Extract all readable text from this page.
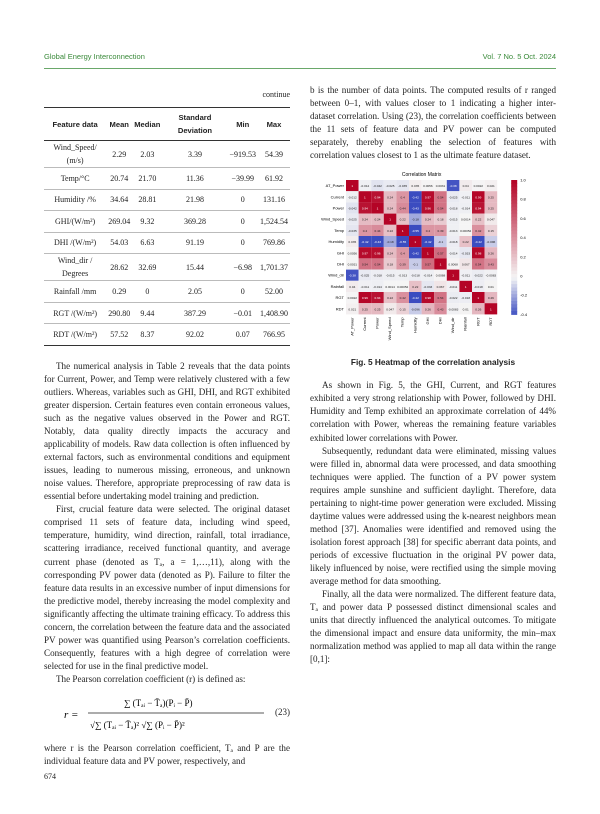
Global Energy Interconnection	Vol. 7 No. 5 Oct. 2024
continue
Feature data	Mean	Median	Standard Deviation	Min	Max
Wind_Speed/ (m/s)	2.29	2.03	3.39	−919.53	54.39
Temp/°C	20.74	21.70	11.36	−39.99	61.92
Humidity /%	34.64	28.81	21.98	0	131.16
GHI/(W/m²)	269.04	9.32	369.28	0	1,524.54
DHI /(W/m²)	54.03	6.63	91.19	0	769.86
Wind_dir / Degrees	28.62	32.69	15.44	−6.98	1,701.37
Rainfall /mm	0.29	0	2.05	0	52.00
RGT /(W/m²)	290.80	9.44	387.29	−0.01	1,408.90
RDT /(W/m²)	57.52	8.37	92.02	0.07	766.95

The numerical analysis in Table 2 reveals that the data points for Current, Power, and Temp were relatively clustered with a few outliers. Whereas, variables such as GHI, DHI, and RGT exhibited greater dispersion. Certain features even contain erroneous values, such as the negative values observed in the Power and RGT. Notably, data quality directly impacts the accuracy and applicability of models. Raw data collection is often influenced by external factors, such as environmental conditions and equipment issues, leading to numerous missing, erroneous, and unknown noise values. Therefore, appropriate preprocessing of raw data is essential before undertaking model training and prediction.

First, crucial feature data were selected. The original dataset comprised 11 sets of feature data, including wind speed, temperature, humidity, wind direction, rainfall, total irradiance, scattering irradiance, received functional quantity, and average current phase (denoted as Tₐ, a = 1,…,11), along with the corresponding PV power data (denoted as P). Failure to filter the feature data results in an excessive number of input dimensions for the predictive model, thereby increasing the model complexity and significantly affecting the ultimate training efficacy. To address this concern, the correlation between the feature data and the associated PV power was quantified using Pearson’s correlation coefficients. Consequently, features with a high degree of correlation were selected for use in the final predictive model.

The Pearson correlation coefficient (r) is defined as:

r =
∑ (Tₐᵢ − T̄ₐ)(Pᵢ − P̄)
√∑ (Tₐᵢ − T̄ₐ)² √∑ (Pᵢ − P̄)²
(23)

where r is the Pearson correlation coefficient, Tₐ and P are the individual feature data and PV power, respectively, and

b is the number of data points. The computed results of r ranged between 0–1, with values closer to 1 indicating a higher inter-dataset correlation. Using (23), the correlation coefficients between the 11 sets of feature data and PV power can be computed separately, thereby enabling the selection of features with correlation values closest to 1 as the ultimate feature dataset.

Correlation Matrix
1 -0.012 -0.042 -0.025 -0.035 0.035 0.0056 0.0031 -0.38 0.04 0.0022 0.021
-0.012 1	0.94 0.24 0.4 -0.42 0.97 0.54 -0.025 -0.011 0.99 0.25
-0.042 0.94	1	0.24 0.44 -0.43 0.96 0.54 -0.018 -0.014 0.94 0.25
-0.025 0.24 0.24	1	0.22 -0.18 0.24 0.18 -0.015 0.0014 0.22 0.047
-0.035 0.4 0.44 0.22	1	-0.55 0.4 0.39 -0.013 0.00052 0.42 0.15
0.035 -0.42 -0.43 -0.18 -0.55	1	-0.42 -0.1 -0.018 0.22 -0.42 -0.096
0.0056 0.97 0.96 0.24 0.4 -0.42	1	0.57 -0.014 -0.033 0.98 0.26
0.0031 0.54 0.54 0.18 0.39 -0.1 0.57	1 0.0068 0.067 0.54 0.43
-0.38 -0.025 -0.018 -0.015 -0.013 -0.018 -0.014 0.0068 1 -0.011 -0.022 -0.0083
0.04 -0.011 -0.014 0.0014 0.00052 0.22 -0.033 0.067 -0.011 1 -0.018 0.01
0.0022 0.99 0.94 0.22 0.42 -0.42 0.98 0.54 -0.022 -0.018 1	0.26
0.021 0.25 0.25 0.047 0.15 -0.096 0.26 0.43 -0.0083 0.01 0.26	1
AT_Power
AT_Power
Current
Current
Power
Power
Wind_Speed
Wind_Speed
Temp
Temp
Humidity
Humidity
GHI
GHI
DHI
DHI
Wind_dir
Wind_dir
Rainfall
Rainfall
RGT
RGT
RDT
RDT
1.0
0.8
0.6
0.4
0.2
0
-0.2
-0.4
Fig. 5 Heatmap of the correlation analysis

As shown in Fig. 5, the GHI, Current, and RGT features exhibited a very strong relationship with Power, followed by DHI. Humidity and Temp exhibited an approximate correlation of 44% correlation with Power, whereas the remaining feature variables exhibited lower correlations with Power.

Subsequently, redundant data were eliminated, missing values were filled in, abnormal data were processed, and data smoothing techniques were applied. The function of a PV power system requires ample sunshine and sufficient daylight. Therefore, data pertaining to night-time power generation were excluded. Missing daytime values were addressed using the k-nearest neighbors mean method [37]. Anomalies were identified and removed using the isolation forest approach [38] for specific aberrant data points, and periods of excessive fluctuation in the original PV power data, likely influenced by noise, were rectified using the simple moving average method for data smoothing.

Finally, all the data were normalized. The different feature data, Tₐ and power data P possessed distinct dimensional scales and units that directly influenced the analytical outcomes. To mitigate the dimensional impact and ensure data uniformity, the min–max normalization method was applied to map all data within the range [0,1]:

674
